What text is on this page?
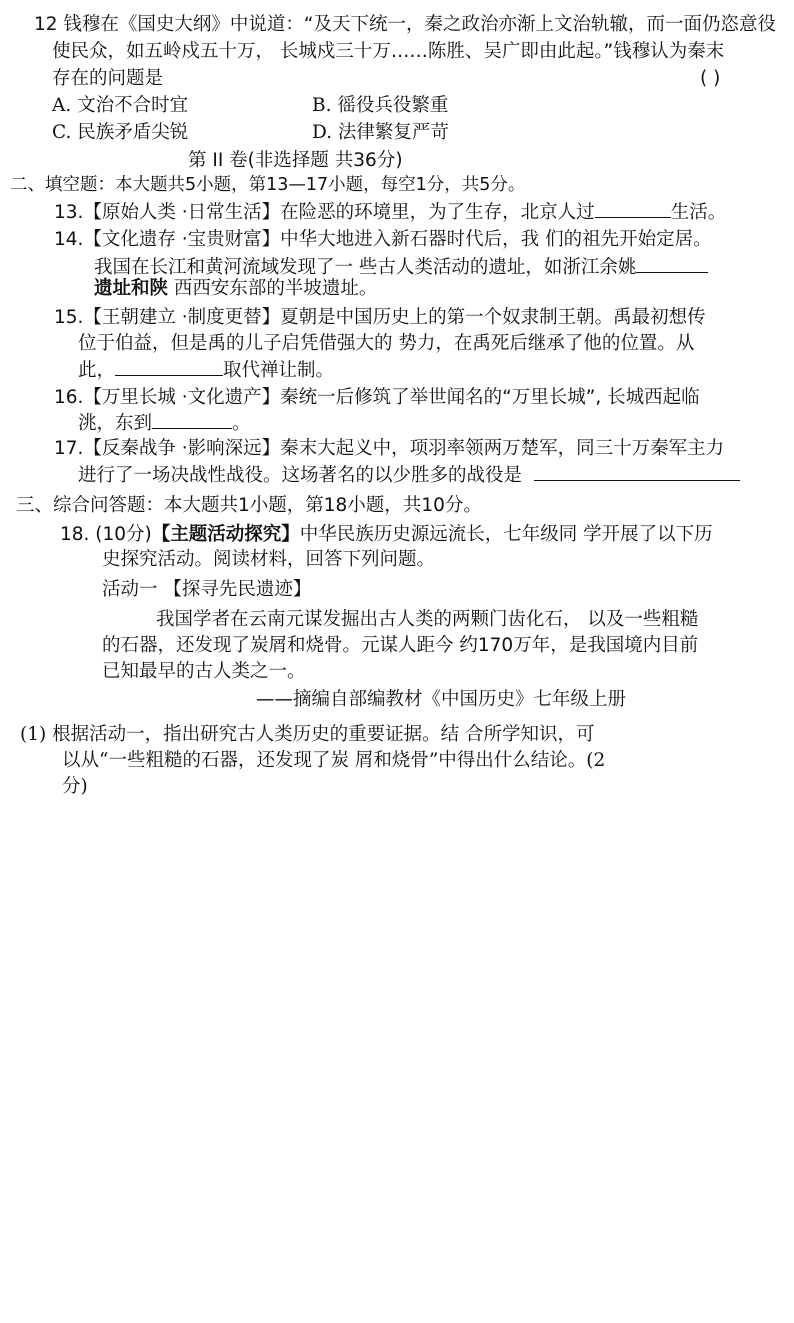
12 钱穆在《国史大纲》中说道：“及天下统一，秦之政治亦渐上文治轨辙，而一面仍恣意役
使民众，如五岭戍五十万， 长城戍三十万……陈胜、吴广即由此起。”钱穆认为秦末
存在的问题是	( )
A. 文治不合时宜	B. 徭役兵役繁重
C. 民族矛盾尖锐	D. 法律繁复严苛
第 II 卷(非选择题 共36分)
二、填空题：本大题共5小题，第13—17小题，每空1分，共5分。
13.【原始人类 ·日常生活】在险恶的环境里，为了生存，北京人过	生活。
14.【文化遗存 ·宝贵财富】中华大地进入新石器时代后，我 们的祖先开始定居。
我国在长江和黄河流域发现了一 些古人类活动的遗址，如浙江余姚
遗址和陕 西西安东部的半坡遗址。
15.【王朝建立 ·制度更替】夏朝是中国历史上的第一个奴隶制王朝。禹最初想传
位于伯益，但是禹的儿子启凭借强大的 势力，在禹死后继承了他的位置。从
此，	取代禅让制。
16.【万里长城 ·文化遗产】秦统一后修筑了举世闻名的“万里长城”, 长城西起临
洮，东到	。
17.【反秦战争 ·影响深远】秦末大起义中，项羽率领两万楚军，同三十万秦军主力
进行了一场决战性战役。这场著名的以少胜多的战役是
三、综合问答题：本大题共1小题，第18小题，共10分。
18. (10分)【主题活动探究】中华民族历史源远流长，七年级同 学开展了以下历
史探究活动。阅读材料，回答下列问题。
活动一 【探寻先民遗迹】
我国学者在云南元谋发掘出古人类的两颗门齿化石， 以及一些粗糙
的石器，还发现了炭屑和烧骨。元谋人距今 约170万年，是我国境内目前
已知最早的古人类之一。
——摘编自部编教材《中国历史》七年级上册
(1) 根据活动一，指出研究古人类历史的重要证据。结 合所学知识，可
以从“一些粗糙的石器，还发现了炭 屑和烧骨”中得出什么结论。(2
分)
